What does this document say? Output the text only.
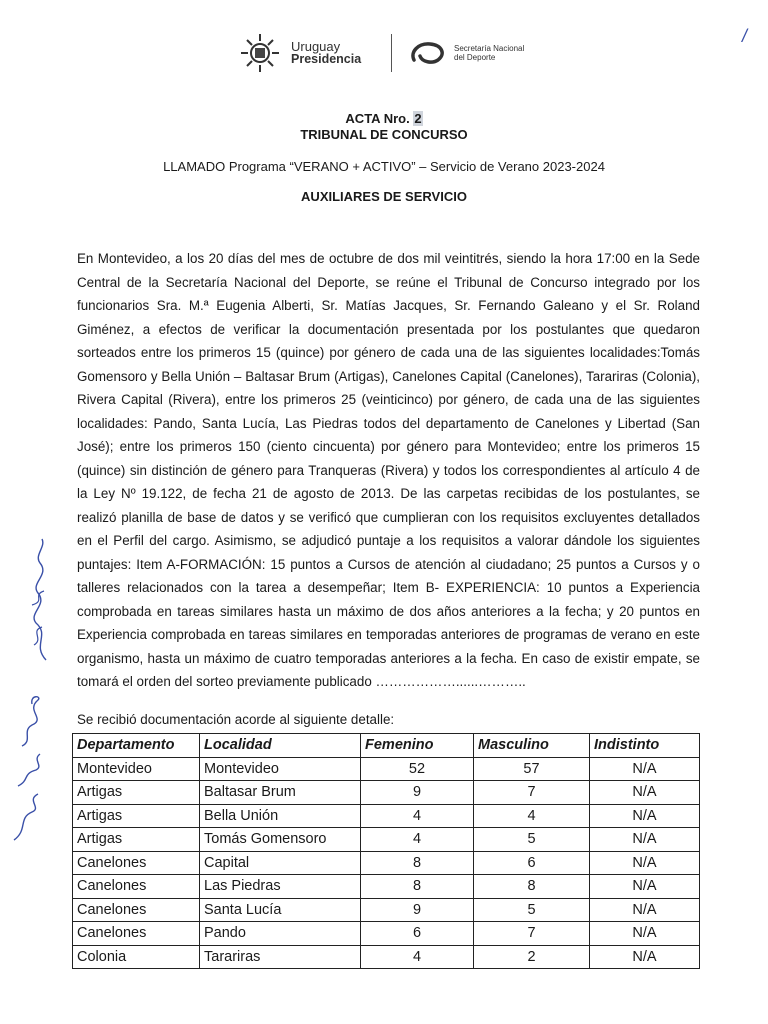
Uruguay
Presidencia
Secretaría Nacional
del Deporte
/
ACTA Nro. 2
TRIBUNAL DE CONCURSO
LLAMADO Programa “VERANO + ACTIVO” – Servicio de Verano 2023-2024
AUXILIARES DE SERVICIO

En Montevideo, a los 20 días del mes de octubre de dos mil veintitrés, siendo la hora 17:00 en la Sede Central de la Secretaría Nacional del Deporte, se reúne el Tribunal de Concurso integrado por los funcionarios Sra. M.ª Eugenia Alberti, Sr. Matías Jacques, Sr. Fernando Galeano y el Sr. Roland Giménez, a efectos de verificar la documentación presentada por los postulantes que quedaron sorteados entre los primeros 15 (quince) por género de cada una de las siguientes localidades:Tomás Gomensoro y Bella Unión – Baltasar Brum (Artigas), Canelones Capital (Canelones), Tarariras (Colonia), Rivera Capital (Rivera), entre los primeros 25 (veinticinco) por género, de cada una de las siguientes localidades: Pando, Santa Lucía, Las Piedras todos del departamento de Canelones y Libertad (San José); entre los primeros 150 (ciento cincuenta) por género para Montevideo; entre los primeros 15 (quince) sin distinción de género para Tranqueras (Rivera) y todos los correspondientes al artículo 4 de la Ley Nº 19.122, de fecha 21 de agosto de 2013. De las carpetas recibidas de los postulantes, se realizó planilla de base de datos y se verificó que cumplieran con los requisitos excluyentes detallados en el Perfil del cargo. Asimismo, se adjudicó puntaje a los requisitos a valorar dándole los siguientes puntajes: Item A-FORMACIÓN: 15 puntos a Cursos de atención al ciudadano; 25 puntos a Cursos y o talleres relacionados con la tarea a desempeñar; Item B- EXPERIENCIA: 10 puntos a Experiencia comprobada en tareas similares hasta un máximo de dos años anteriores a la fecha; y 20 puntos en Experiencia comprobada en tareas similares en temporadas anteriores de programas de verano en este organismo, hasta un máximo de cuatro temporadas anteriores a la fecha. En caso de existir empate, se tomará el orden del sorteo previamente publicado ………………......………..

Se recibió documentación acorde al siguiente detalle:
Departamento	Localidad	Femenino	Masculino	Indistinto
Montevideo	Montevideo	52	57	N/A
Artigas	Baltasar Brum	9	7	N/A
Artigas	Bella Unión	4	4	N/A
Artigas	Tomás Gomensoro	4	5	N/A
Canelones	Capital	8	6	N/A
Canelones	Las Piedras	8	8	N/A
Canelones	Santa Lucía	9	5	N/A
Canelones	Pando	6	7	N/A
Colonia	Tarariras	4	2	N/A
